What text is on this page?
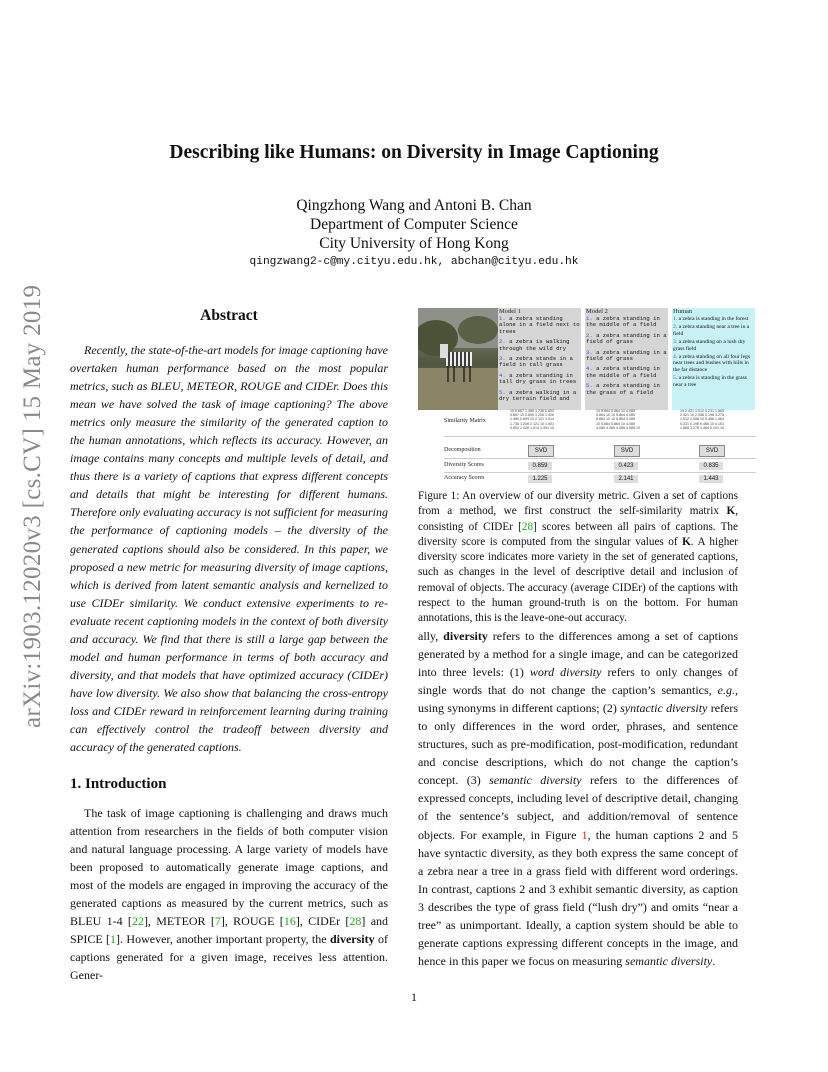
arXiv:1903.12020v3 [cs.CV] 15 May 2019
Describing like Humans: on Diversity in Image Captioning
Qingzhong Wang and Antoni B. Chan
Department of Computer Science
City University of Hong Kong
qingzwang2-c@my.cityu.edu.hk, abchan@cityu.edu.hk
Abstract
Recently, the state-of-the-art models for image captioning have overtaken human performance based on the most popular metrics, such as BLEU, METEOR, ROUGE and CIDEr. Does this mean we have solved the task of image captioning? The above metrics only measure the similarity of the generated caption to the human annotations, which reflects its accuracy. However, an image contains many concepts and multiple levels of detail, and thus there is a variety of captions that express different concepts and details that might be interesting for different humans. Therefore only evaluating accuracy is not sufficient for measuring the performance of captioning models – the diversity of the generated captions should also be considered. In this paper, we proposed a new metric for measuring diversity of image captions, which is derived from latent semantic analysis and kernelized to use CIDEr similarity. We conduct extensive experiments to re-evaluate recent captioning models in the context of both diversity and accuracy. We find that there is still a large gap between the model and human performance in terms of both accuracy and diversity, and that models that have optimized accuracy (CIDEr) have low diversity. We also show that balancing the cross-entropy loss and CIDEr reward in reinforcement learning during training can effectively control the tradeoff between diversity and accuracy of the generated captions.
1. Introduction
The task of image captioning is challenging and draws much attention from researchers in the fields of both computer vision and natural language processing. A large variety of models have been proposed to automatically generate image captions, and most of the models are engaged in improving the accuracy of the generated captions as measured by the current metrics, such as BLEU 1-4 [22], METEOR [7], ROUGE [16], CIDEr [28] and SPICE [1]. However, another important property, the diversity of captions generated for a given image, receives less attention. Gener-
Model 1
1. a zebra standing alone in a field next to trees
2. a zebra is walking through the wild dry
3. a zebra stands in a field in tall grass
4. a zebra standing in tall dry grass in trees
5. a zebra walking in a dry terrain field and
Model 2
1. a zebra standing in the middle of a field
2. a zebra standing in a field of grass
3. a zebra standing in a field of grass
4. a zebra standing in the middle of a field
5. a zebra standing in the grass of a field
Human
1. a zebra is standing in the forest
2. a zebra standing near a tree in a field
3. a zebra standing on a lush dry grass field
4. a zebra standing on all four legs near trees and bushes with hills in the far distance
5. a zebra is standing in the grass near a tree
Similarity Matrix
10 0.667 1.480 1.736 0.802
0.667 10 0.699 1.206 1.426
1.480 0.699 10 2.121 1.014
1.736 1.206 2.121 10 1.401
0.802 1.426 1.014 1.401 10
10 5.864 5.864 10 4.085
5.864 10 10 5.864 4.085
5.864 10 10 5.864 4.085
10 5.864 5.864 10 4.085
4.085 4.085 4.085 4.085 10
10 2.421 1.012 0.231 1.865
2.421 10 2.058 0.196 3.278
1.012 2.058 10 0.466 1.464
0.231 0.196 0.466 10 0.101
1.865 3.278 1.464 0.101 10
Decomposition	SVD	SVD	SVD
Diversity Scores	0.859	0.423	0.835
Accuracy Scores	1.225	2.141	1.443
Figure 1: An overview of our diversity metric. Given a set of captions from a method, we first construct the self-similarity matrix K, consisting of CIDEr [28] scores between all pairs of captions. The diversity score is computed from the singular values of K. A higher diversity score indicates more variety in the set of generated captions, such as changes in the level of descriptive detail and inclusion of removal of objects. The accuracy (average CIDEr) of the captions with respect to the human ground-truth is on the bottom. For human annotations, this is the leave-one-out accuracy.
ally, diversity refers to the differences among a set of captions generated by a method for a single image, and can be categorized into three levels: (1) word diversity refers to only changes of single words that do not change the caption’s semantics, e.g., using synonyms in different captions; (2) syntactic diversity refers to only differences in the word order, phrases, and sentence structures, such as pre-modification, post-modification, redundant and concise descriptions, which do not change the caption’s concept. (3) semantic diversity refers to the differences of expressed concepts, including level of descriptive detail, changing of the sentence’s subject, and addition/removal of sentence objects. For example, in Figure 1, the human captions 2 and 5 have syntactic diversity, as they both express the same concept of a zebra near a tree in a grass field with different word orderings. In contrast, captions 2 and 3 exhibit semantic diversity, as caption 3 describes the type of grass field (“lush dry”) and omits “near a tree” as unimportant. Ideally, a caption system should be able to generate captions expressing different concepts in the image, and hence in this paper we focus on measuring semantic diversity.
1
